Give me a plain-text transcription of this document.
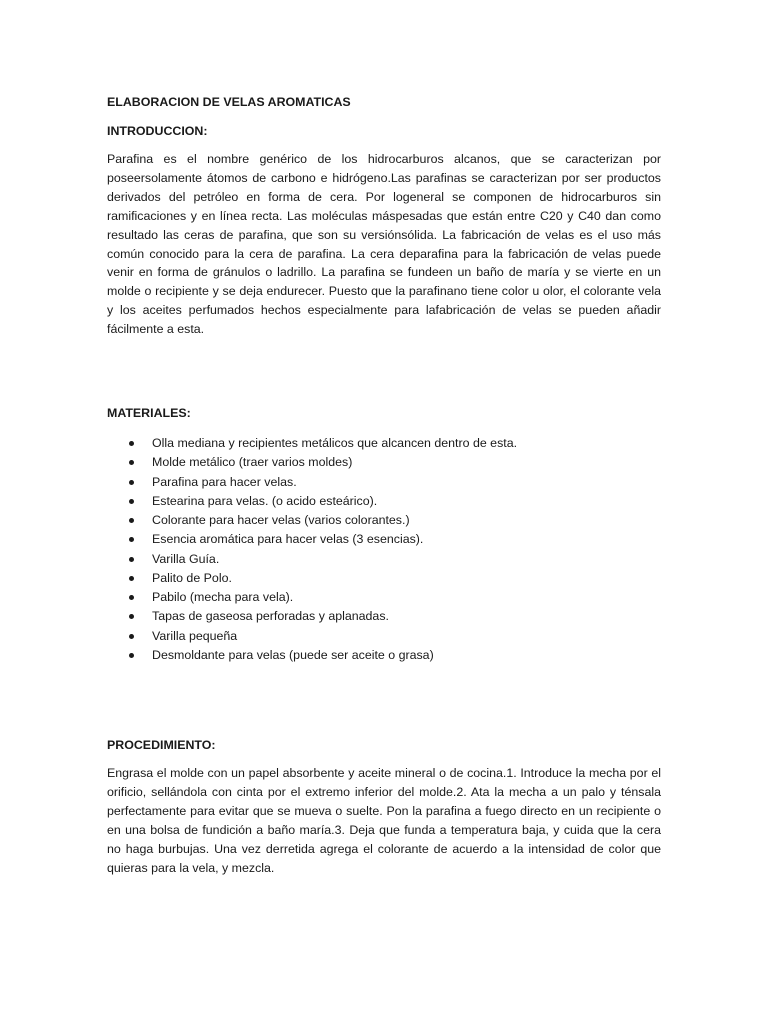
ELABORACION DE VELAS AROMATICAS
INTRODUCCION:
Parafina es el nombre genérico de los hidrocarburos alcanos, que se caracterizan por poseersolamente átomos de carbono e hidrógeno.Las parafinas se caracterizan por ser productos derivados del petróleo en forma de cera. Por logeneral se componen de hidrocarburos sin ramificaciones y en línea recta. Las moléculas máspesadas que están entre C20 y C40 dan como resultado las ceras de parafina, que son su versiónsólida. La fabricación de velas es el uso más común conocido para la cera de parafina. La cera deparafina para la fabricación de velas puede venir en forma de gránulos o ladrillo. La parafina se fundeen un baño de maría y se vierte en un molde o recipiente y se deja endurecer. Puesto que la parafinano tiene color u olor, el colorante vela y los aceites perfumados hechos especialmente para lafabricación de velas se pueden añadir fácilmente a esta.
MATERIALES:
Olla mediana y recipientes metálicos que alcancen dentro de esta.
Molde metálico (traer varios moldes)
Parafina para hacer velas.
Estearina para velas. (o acido esteárico).
Colorante para hacer velas (varios colorantes.)
Esencia aromática para hacer velas (3 esencias).
Varilla Guía.
Palito de Polo.
Pabilo (mecha para vela).
Tapas de gaseosa perforadas y aplanadas.
Varilla pequeña
Desmoldante para velas (puede ser aceite o grasa)
PROCEDIMIENTO:
Engrasa el molde con un papel absorbente y aceite mineral o de cocina.1. Introduce la mecha por el orificio, sellándola con cinta por el extremo inferior del molde.2. Ata la mecha a un palo y ténsala perfectamente para evitar que se mueva o suelte. Pon la parafina a fuego directo en un recipiente o en una bolsa de fundición a baño maría.3. Deja que funda a temperatura baja, y cuida que la cera no haga burbujas. Una vez derretida agrega el colorante de acuerdo a la intensidad de color que quieras para la vela, y mezcla.
